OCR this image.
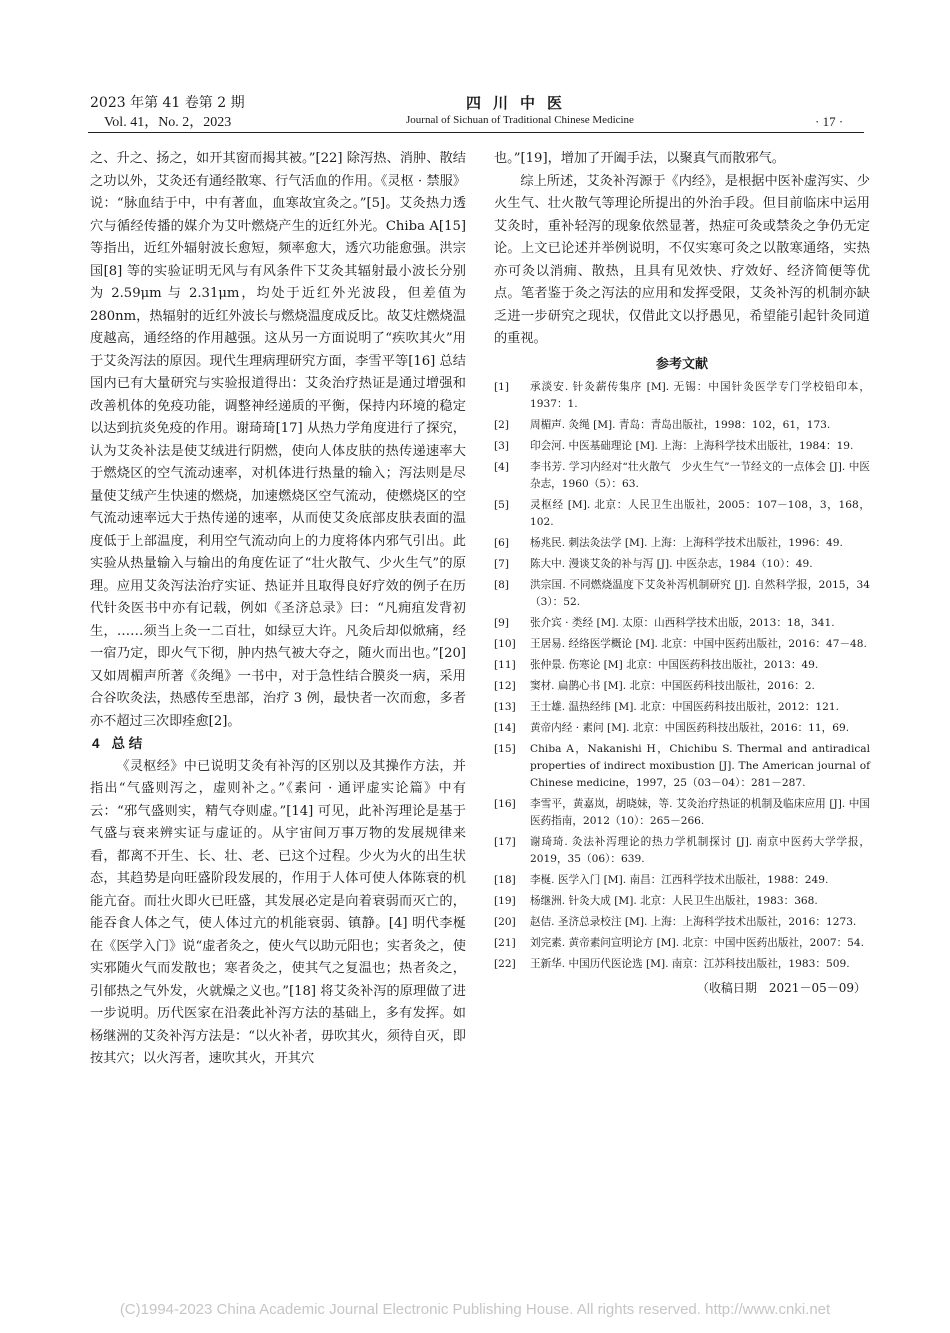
2023 年第 41 卷第 2 期
Vol. 41，No. 2，2023
四川中医
Journal of Sichuan of Traditional Chinese Medicine	· 17 ·

之、升之、扬之，如开其窗而揭其被。”[22] 除泻热、消肿、散结之功以外，艾灸还有通经散寒、行气活血的作用。《灵枢 · 禁服》说：“脉血结于中，中有著血，血寒故宜灸之。”[5]。艾灸热力透穴与循经传播的媒介为艾叶燃烧产生的近红外光。Chiba A[15] 等指出，近红外辐射波长愈短，频率愈大，透穴功能愈强。洪宗国[8] 等的实验证明无风与有风条件下艾灸其辐射最小波长分别为 2.59μm 与 2.31μm，均处于近红外光波段，但差值为 280nm，热辐射的近红外波长与燃烧温度成反比。故艾炷燃烧温度越高，通经络的作用越强。这从另一方面说明了“疾吹其火”用于艾灸泻法的原因。现代生理病理研究方面，李雪平等[16] 总结国内已有大量研究与实验报道得出：艾灸治疗热证是通过增强和改善机体的免疫功能，调整神经递质的平衡，保持内环境的稳定以达到抗炎免疫的作用。谢琦琦[17] 从热力学角度进行了探究，认为艾灸补法是使艾绒进行阴燃，使向人体皮肤的热传递速率大于燃烧区的空气流动速率，对机体进行热量的输入；泻法则是尽量使艾绒产生快速的燃烧，加速燃烧区空气流动，使燃烧区的空气流动速率远大于热传递的速率，从而使艾灸底部皮肤表面的温度低于上部温度，利用空气流动向上的力度将体内邪气引出。此实验从热量输入与输出的角度佐证了“壮火散气、少火生气”的原理。应用艾灸泻法治疗实证、热证并且取得良好疗效的例子在历代针灸医书中亦有记载，例如《圣济总录》曰：“凡痈疽发背初生，……须当上灸一二百壮，如绿豆大许。凡灸后却似焮痛，经一宿乃定，即火气下彻，肿内热气被大夺之，随火而出也。”[20] 又如周楣声所著《灸绳》一书中，对于急性结合膜炎一病，采用合谷吹灸法，热感传至患部，治疗 3 例，最快者一次而愈，多者亦不超过三次即痊愈[2]。

4 总 结

《灵枢经》中已说明艾灸有补泻的区别以及其操作方法，并指出“气盛则泻之，虚则补之。”《素问 · 通评虚实论篇》中有云：“邪气盛则实，精气夺则虚。”[14] 可见，此补泻理论是基于气盛与衰来辨实证与虚证的。从宇宙间万事万物的发展规律来看，都离不开生、长、壮、老、已这个过程。少火为火的出生状态，其趋势是向旺盛阶段发展的，作用于人体可使人体陈衰的机能亢奋。而壮火即火已旺盛，其发展必定是向着衰弱而灭亡的，能吞食人体之气，使人体过亢的机能衰弱、镇静。[4] 明代李梴在《医学入门》说“虚者灸之，使火气以助元阳也；实者灸之，使实邪随火气而发散也；寒者灸之，使其气之复温也；热者灸之，引郁热之气外发，火就燥之义也。”[18] 将艾灸补泻的原理做了进一步说明。历代医家在沿袭此补泻方法的基础上，多有发挥。如杨继洲的艾灸补泻方法是：“以火补者，毋吹其火，须待自灭，即按其穴；以火泻者，速吹其火，开其穴

也。”[19]，增加了开阖手法，以聚真气而散邪气。

综上所述，艾灸补泻源于《内经》，是根据中医补虚泻实、少火生气、壮火散气等理论所提出的外治手段。但目前临床中运用艾灸时，重补轻泻的现象依然显著，热症可灸或禁灸之争仍无定论。上文已论述并举例说明，不仅实寒可灸之以散寒通络，实热亦可灸以消痈、散热，且具有见效快、疗效好、经济简便等优点。笔者鉴于灸之泻法的应用和发挥受限，艾灸补泻的机制亦缺乏进一步研究之现状，仅借此文以抒愚见，希望能引起针灸同道的重视。

参考文献
[1]	承淡安. 针灸薪传集序 [M]. 无锡：中国针灸医学专门学校铅印本，1937：1.
[2]	周楣声. 灸绳 [M]. 青岛：青岛出版社，1998：102，61，173.
[3]	印会河. 中医基础理论 [M]. 上海：上海科学技术出版社，1984：19.
[4]	李书芳. 学习内经对“壮火散气　少火生气”一节经文的一点体会 [J]. 中医杂志，1960（5）：63.
[5]	灵枢经 [M]. 北京：人民卫生出版社，2005：107－108，3，168，102.
[6]	杨兆民. 刺法灸法学 [M]. 上海：上海科学技术出版社，1996：49.
[7]	陈大中. 漫谈艾灸的补与泻 [J]. 中医杂志，1984（10）：49.
[8]	洪宗国. 不同燃烧温度下艾灸补泻机制研究 [J]. 自然科学报，2015，34（3）：52.
[9]	张介宾 · 类经 [M]. 太原：山西科学技术出版，2013：18，341.
[10]	王居易. 经络医学概论 [M]. 北京：中国中医药出版社，2016：47－48.
[11]	张仲景. 伤寒论 [M] 北京：中国医药科技出版社，2013：49.
[12]	窦材. 扁鹊心书 [M]. 北京：中国医药科技出版社，2016：2.
[13]	王士雄. 温热经纬 [M]. 北京：中国医药科技出版社，2012：121.
[14]	黄帝内经 · 素问 [M]. 北京：中国医药科技出版社，2016：11，69.
[15]	Chiba A，Nakanishi H，Chichibu S. Thermal and antiradical properties of indirect moxibustion [J]. The American journal of Chinese medicine，1997，25（03－04）：281－287.
[16]	李雪平，黄嘉岚，胡晓妹，等. 艾灸治疗热证的机制及临床应用 [J]. 中国医药指南，2012（10）：265－266.
[17]	谢琦琦. 灸法补泻理论的热力学机制探讨 [J]. 南京中医药大学学报，2019，35（06）：639.
[18]	李梴. 医学入门 [M]. 南昌：江西科学技术出版社，1988：249.
[19]	杨继洲. 针灸大成 [M]. 北京：人民卫生出版社，1983：368.
[20]	赵佶. 圣济总录校注 [M]. 上海：上海科学技术出版社，2016：1273.
[21]	刘完素. 黄帝素问宣明论方 [M]. 北京：中国中医药出版社，2007：54.
[22]	王新华. 中国历代医论选 [M]. 南京：江苏科技出版社，1983：509.
（收稿日期　2021－05－09）
(C)1994-2023 China Academic Journal Electronic Publishing House. All rights reserved. http://www.cnki.net
